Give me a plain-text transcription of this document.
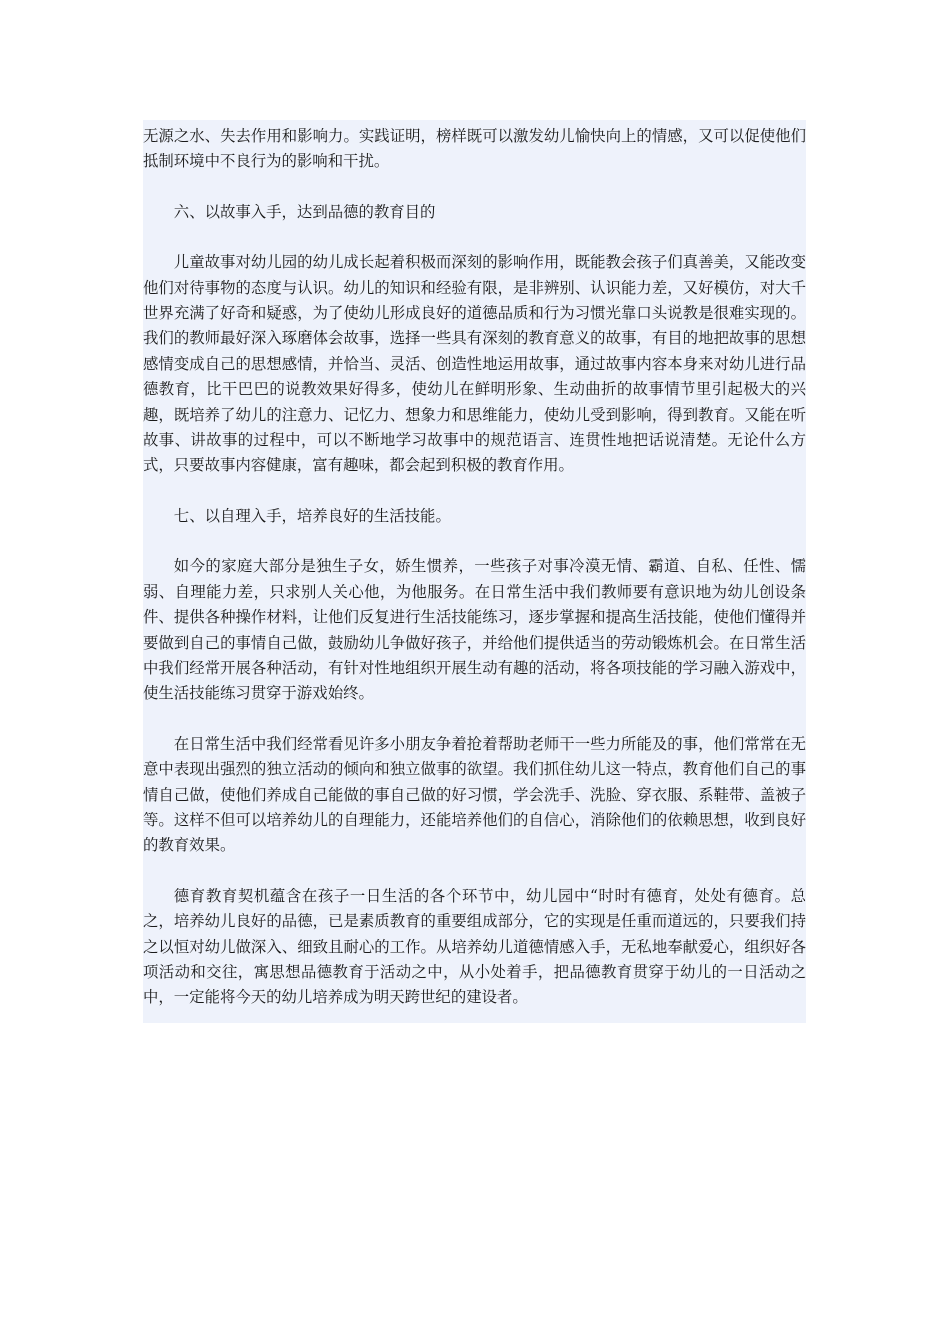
无源之水、失去作用和影响力。实践证明，榜样既可以激发幼儿愉快向上的情感，又可以促使他们抵制环境中不良行为的影响和干扰。

六、以故事入手，达到品德的教育目的

儿童故事对幼儿园的幼儿成长起着积极而深刻的影响作用，既能教会孩子们真善美，又能改变他们对待事物的态度与认识。幼儿的知识和经验有限，是非辨别、认识能力差，又好模仿，对大千世界充满了好奇和疑惑，为了使幼儿形成良好的道德品质和行为习惯光靠口头说教是很难实现的。我们的教师最好深入琢磨体会故事，选择一些具有深刻的教育意义的故事，有目的地把故事的思想感情变成自己的思想感情，并恰当、灵活、创造性地运用故事，通过故事内容本身来对幼儿进行品德教育，比干巴巴的说教效果好得多，使幼儿在鲜明形象、生动曲折的故事情节里引起极大的兴趣，既培养了幼儿的注意力、记忆力、想象力和思维能力，使幼儿受到影响，得到教育。又能在听故事、讲故事的过程中，可以不断地学习故事中的规范语言、连贯性地把话说清楚。无论什么方式，只要故事内容健康，富有趣味，都会起到积极的教育作用。

七、以自理入手，培养良好的生活技能。

如今的家庭大部分是独生子女，娇生惯养，一些孩子对事冷漠无情、霸道、自私、任性、懦弱、自理能力差，只求别人关心他，为他服务。在日常生活中我们教师要有意识地为幼儿创设条件、提供各种操作材料，让他们反复进行生活技能练习，逐步掌握和提高生活技能，使他们懂得并要做到自己的事情自己做，鼓励幼儿争做好孩子，并给他们提供适当的劳动锻炼机会。在日常生活中我们经常开展各种活动，有针对性地组织开展生动有趣的活动，将各项技能的学习融入游戏中，使生活技能练习贯穿于游戏始终。

在日常生活中我们经常看见许多小朋友争着抢着帮助老师干一些力所能及的事，他们常常在无意中表现出强烈的独立活动的倾向和独立做事的欲望。我们抓住幼儿这一特点，教育他们自己的事情自己做，使他们养成自己能做的事自己做的好习惯，学会洗手、洗脸、穿衣服、系鞋带、盖被子等。这样不但可以培养幼儿的自理能力，还能培养他们的自信心，消除他们的依赖思想，收到良好的教育效果。

德育教育契机蕴含在孩子一日生活的各个环节中，幼儿园中“时时有德育，处处有德育。总之，培养幼儿良好的品德，已是素质教育的重要组成部分，它的实现是任重而道远的，只要我们持之以恒对幼儿做深入、细致且耐心的工作。从培养幼儿道德情感入手，无私地奉献爱心，组织好各项活动和交往，寓思想品德教育于活动之中，从小处着手，把品德教育贯穿于幼儿的一日活动之中，一定能将今天的幼儿培养成为明天跨世纪的建设者。
